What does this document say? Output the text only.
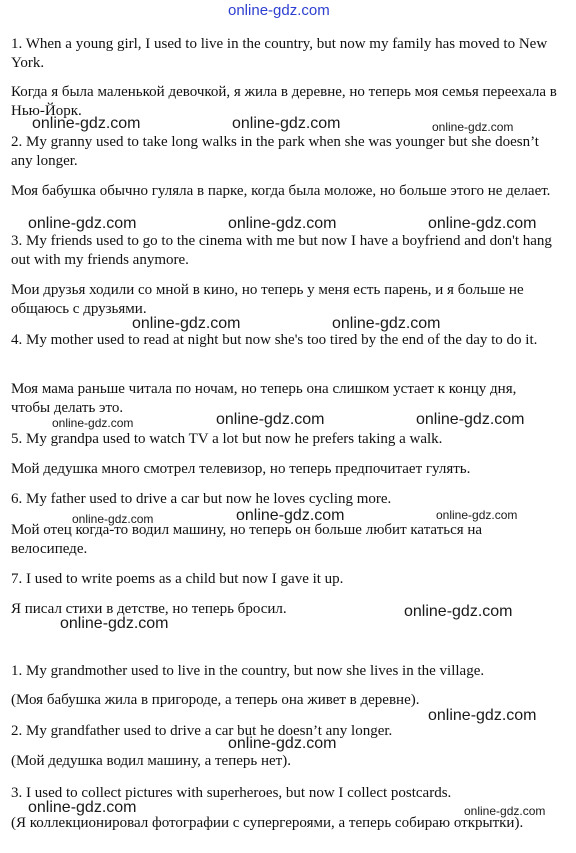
online-gdz.com

1. When a young girl, I used to live in the country, but now my family has moved to New York.

Когда я была маленькой девочкой, я жила в деревне, но теперь моя семья переехала в Нью-Йорк.

2. My granny used to take long walks in the park when she was younger but she doesn’t any longer.

Моя бабушка обычно гуляла в парке, когда была моложе, но больше этого не делает.

3. My friends used to go to the cinema with me but now I have a boyfriend and don't hang out with my friends anymore.

Мои друзья ходили со мной в кино, но теперь у меня есть парень, и я больше не общаюсь с друзьями.

4. My mother used to read at night but now she's too tired by the end of the day to do it.

Моя мама раньше читала по ночам, но теперь она слишком устает к концу дня, чтобы делать это.

5. My grandpa used to watch TV a lot but now he prefers taking a walk.

Мой дедушка много смотрел телевизор, но теперь предпочитает гулять.

6. My father used to drive a car but now he loves cycling more.

Мой отец когда-то водил машину, но теперь он больше любит кататься на велосипеде.

7. I used to write poems as a child but now I gave it up.

Я писал стихи в детстве, но теперь бросил.

1. My grandmother used to live in the country, but now she lives in the village.

(Моя бабушка жила в пригороде, а теперь она живет в деревне).

2. My grandfather used to drive a car but he doesn’t any longer.

(Мой дедушка водил машину, а теперь нет).

3. I used to collect pictures with superheroes, but now I collect postcards.

(Я коллекционировал фотографии с супергероями, а теперь собираю открытки).

online-gdz.com	online-gdz.com	online-gdz.com
online-gdz.com	online-gdz.com	online-gdz.com
online-gdz.com	online-gdz.com
online-gdz.com	online-gdz.com	online-gdz.com
online-gdz.com	online-gdz.com	online-gdz.com
online-gdz.com
online-gdz.com
online-gdz.com
online-gdz.com
online-gdz.com	online-gdz.com
